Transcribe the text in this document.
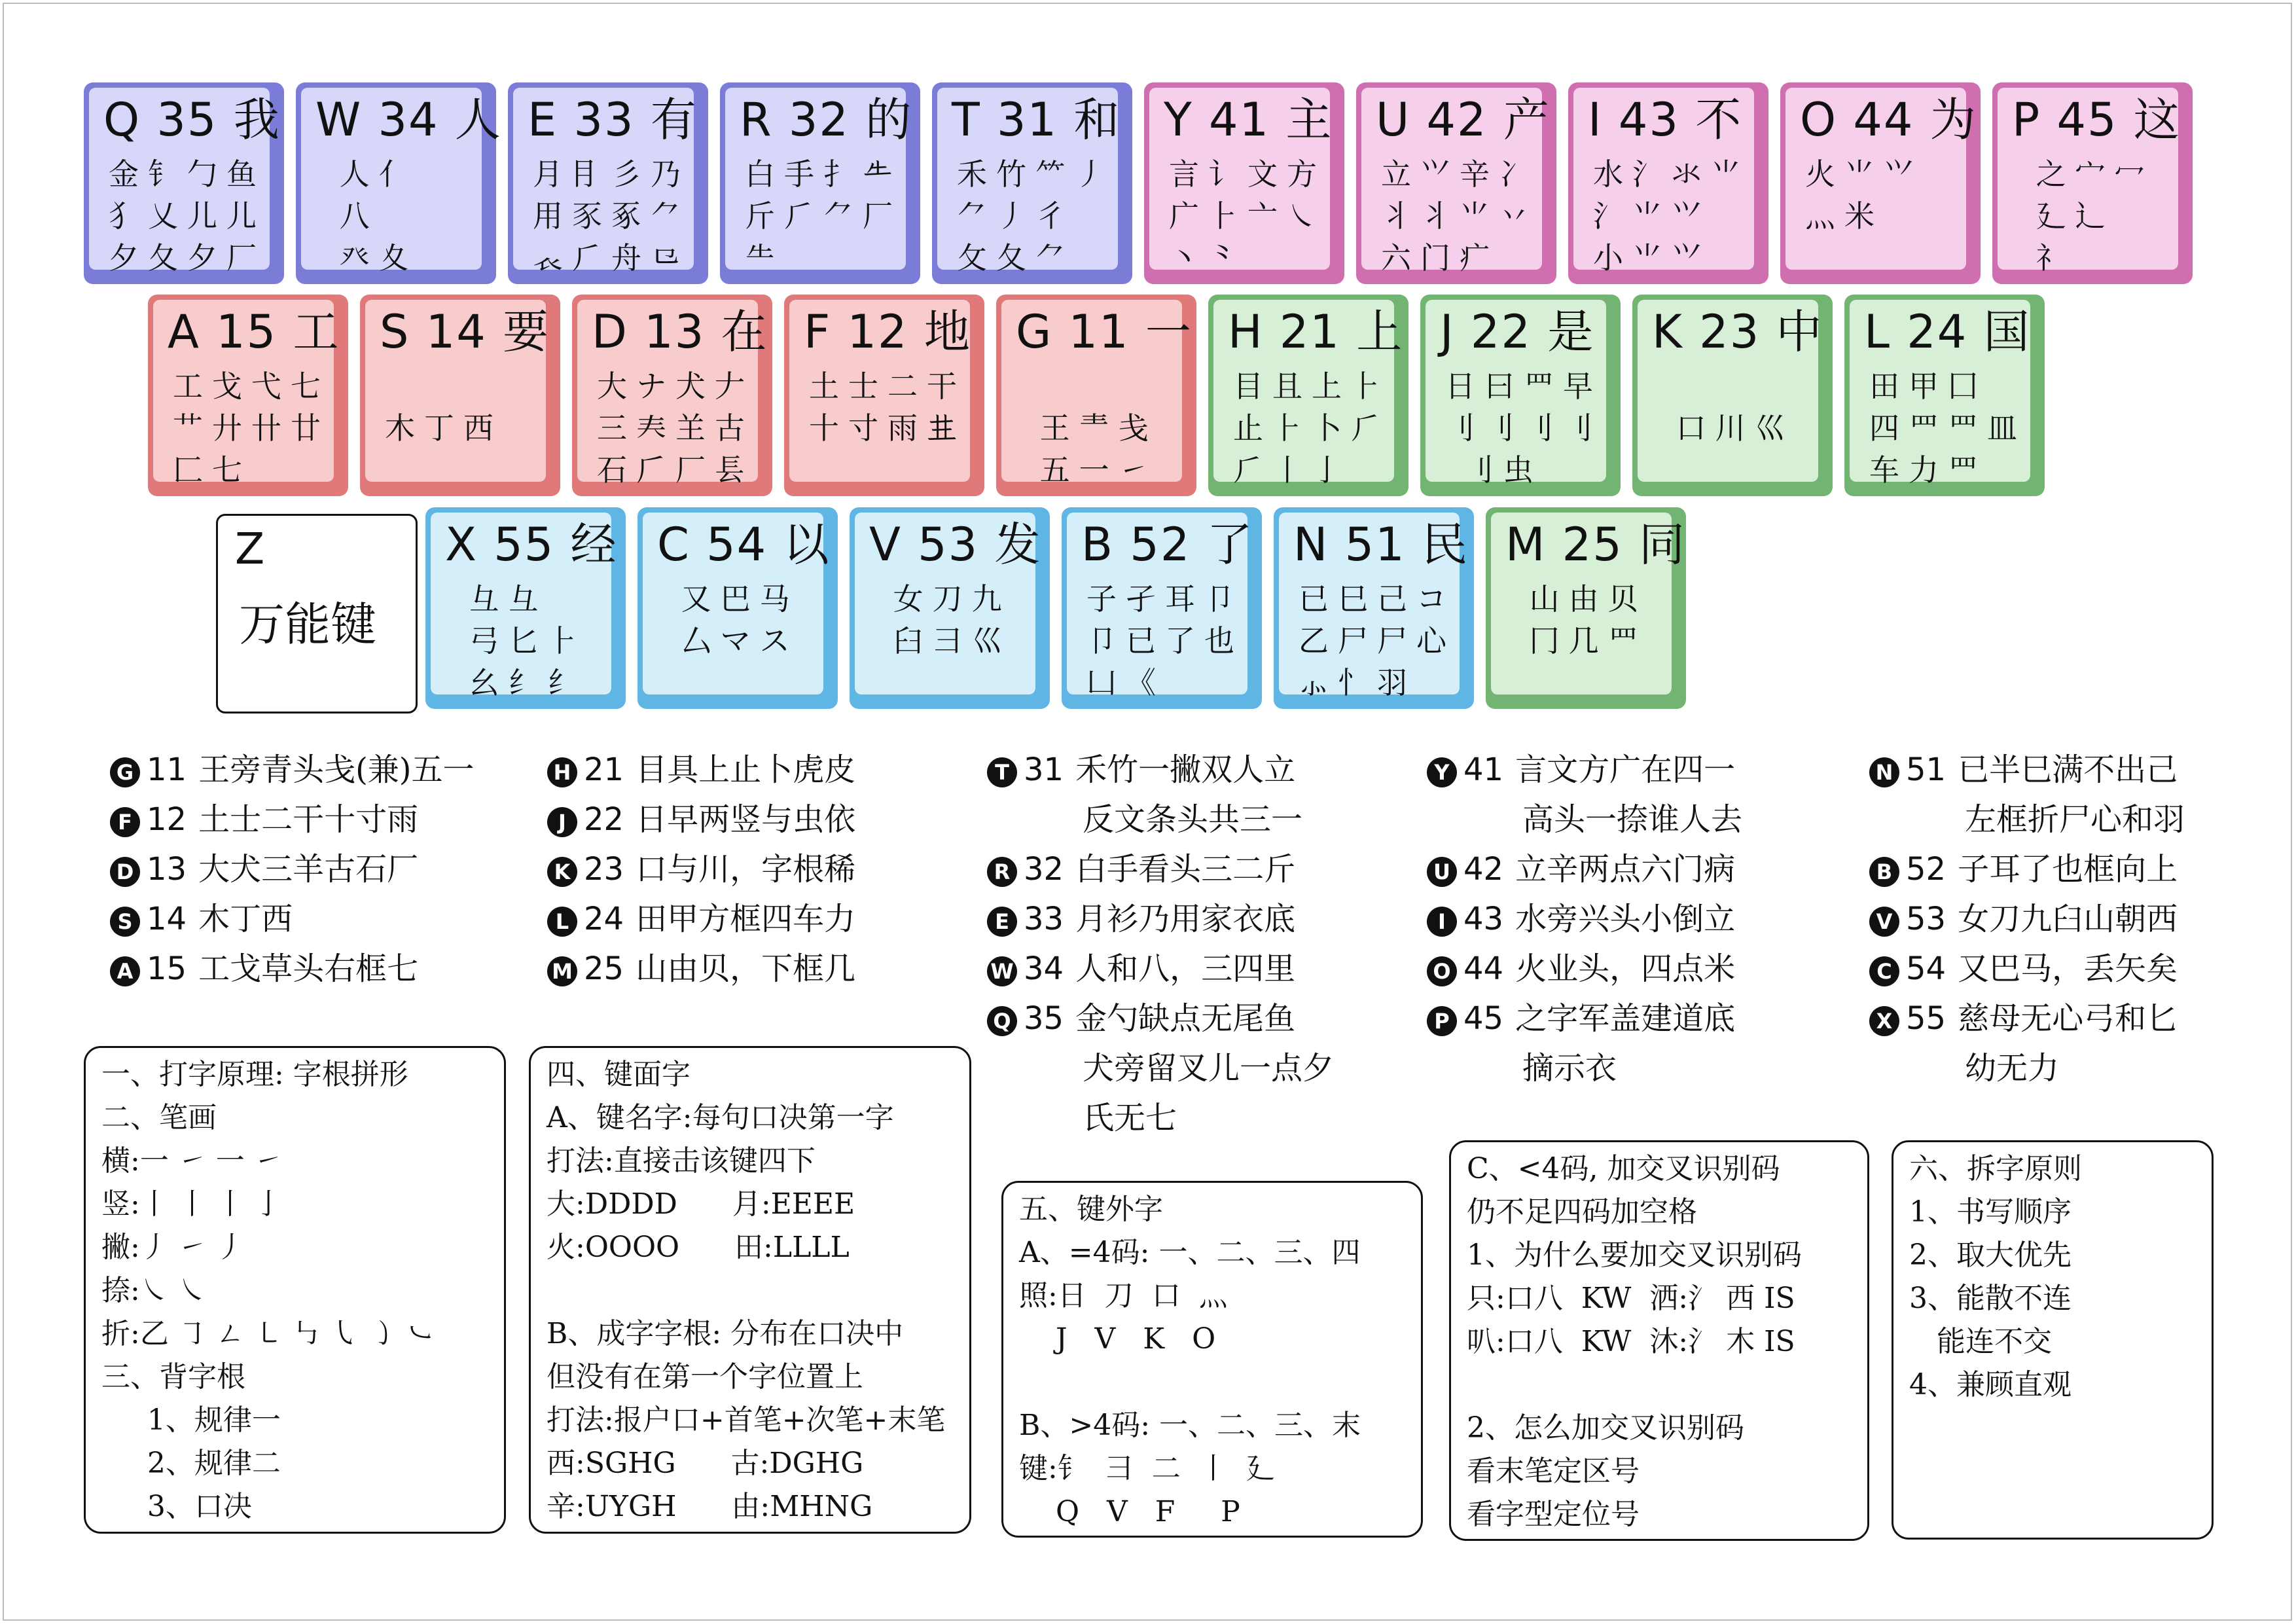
Q 35 我
金钅勹鱼
犭乂儿儿
夕夂夕厂
W 34 人
人亻
八
癶夊
E 33 有
月⺝彡乃
用豕豖⺈
𧘇⺁舟⺋
R 32 的
白手扌𠂒
斤⺁⺈厂
⺧
T 31 和
禾竹⺮丿
⺈丿彳
攵夂⺈
Y 41 主
言讠文方
广⺊亠㇏
丶⺀
U 42 产
立⺍辛冫
丬丬⺌丷
六门疒
I 43 不
水氵氺⺌
氵⺌⺍
小⺌⺍
O 44 为
火⺌⺍
灬米
P 45 这
之宀冖
廴辶
礻
A 15 工
工戈弋七
艹廾卄廿
匚七
S 14 要

木丁西
D 13 在
大ナ犬𠂇
三𡗗𦍌古
石𠂆厂镸
F 12 地
土士二干
十寸雨𠀎
G 11 一

王龶戋
五一㇀
H 21 上
目且上⺊
止⺊卜⺁
⺁丨亅
J 22 是
日曰⺫早
刂刂⺉刂
刂虫
K 23 中

口川巛
L 24 国
田甲囗
四罒罒皿
车力⺫
X 55 经
彑彑
弓匕⺊
幺纟纟
C 54 以
又巴马
厶マス
V 53 发
女刀九
臼彐巛
B 52 了
子孑耳卩
卩已了也
凵《
N 51 民
已巳己コ
乙尸尸心
⺗忄羽
M 25 同
山由贝
冂几⺫
Z
万能键
G 11 王旁青头戋(兼)五一
F 12 土士二干十寸雨
D 13 大犬三羊古石厂
S 14 木丁西
A 15 工戈草头右框七
H 21 目具上止卜虎皮
J 22 日早两竖与虫依
K 23 口与川，字根稀
L 24 田甲方框四车力
M 25 山由贝，下框几
T 31 禾竹一撇双人立
反文条头共三一
R 32 白手看头三二斤
E 33 月衫乃用家衣底
W 34 人和八，三四里
Q 35 金勺缺点无尾鱼
犬旁留叉儿一点夕
氏无七
Y 41 言文方广在四一
高头一捺谁人去
U 42 立辛两点六门病
I 43 水旁兴头小倒立
O 44 火业头，四点米
P 45 之字军盖建道底
摘示衣
N 51 已半巳满不出己
左框折尸心和羽
B 52 子耳了也框向上
V 53 女刀九臼山朝西
C 54 又巴马，丢矢矣
X 55 慈母无心弓和匕
幼无力
一、打字原理: 字根拼形
二、笔画
横:一 ㇀ 一 ㇀
竖:丨 丨 丨 亅
撇:丿 ㇀ 丿
捺:㇏ ㇏
折:乙 ㇆ ㄥ ㇄ ㇉ ㇂ ㇁ ㇃
三、背字根
1、规律一
2、规律二
3、口决
四、键面字
A、键名字:每句口决第一字
打法:直接击该键四下
大:DDDD      月:EEEE
火:OOOO      田:LLLL
B、成字字根: 分布在口决中
但没有在第一个字位置上
打法:报户口+首笔+次笔+末笔
西:SGHG      古:DGHG
辛:UYGH      由:MHNG
五、键外字
A、=4码: 一、二、三、四
照:日  刀  口  灬
J   V   K   O
B、>4码: 一、二、三、末
键:钅  彐  二  丨  廴
Q   V   F     P
C、<4码, 加交叉识别码
仍不足四码加空格
1、为什么要加交叉识别码
只:口八  KW  洒:氵 西 IS
叭:口八  KW  沐:氵 木 IS
2、怎么加交叉识别码
看末笔定区号
看字型定位号
六、拆字原则
1、书写顺序
2、取大优先
3、能散不连
能连不交
4、兼顾直观
